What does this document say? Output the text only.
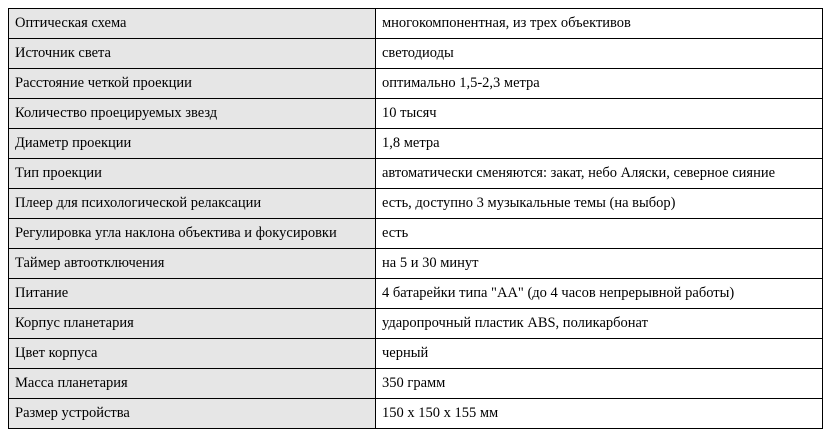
Оптическая схема	многокомпонентная, из трех объективов
Источник света	светодиоды
Расстояние четкой проекции	оптимально 1,5-2,3 метра
Количество проецируемых звезд	10 тысяч
Диаметр проекции	1,8 метра
Тип проекции	автоматически сменяются: закат, небо Аляски, северное сияние
Плеер для психологической релаксации	есть, доступно 3 музыкальные темы (на выбор)
Регулировка угла наклона объектива и фокусировки	есть
Таймер автоотключения	на 5 и 30 минут
Питание	4 батарейки типа "АА" (до 4 часов непрерывной работы)
Корпус планетария	ударопрочный пластик ABS, поликарбонат
Цвет корпуса	черный
Масса планетария	350 грамм
Размер устройства	150 х 150 х 155 мм
